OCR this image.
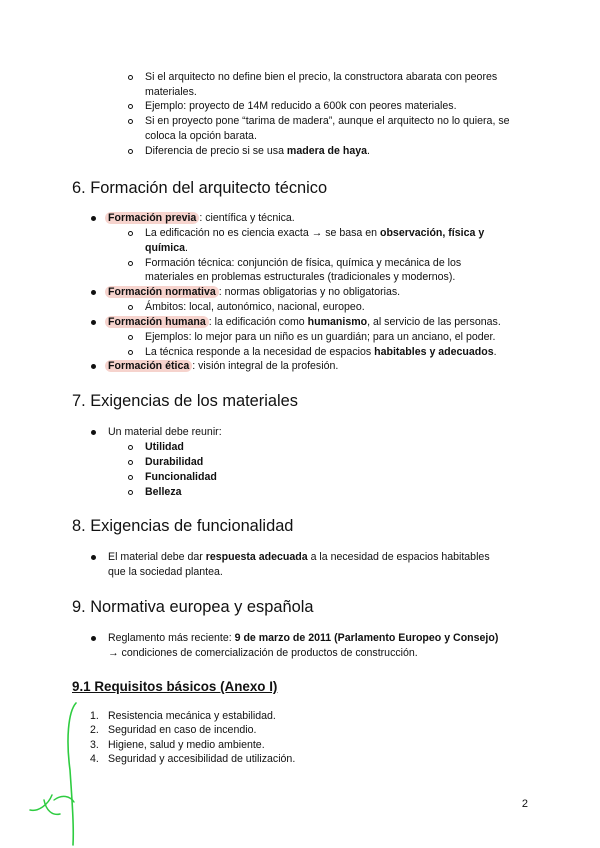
Si el arquitecto no define bien el precio, la constructora abarata con peores
materiales.
Ejemplo: proyecto de 14M reducido a 600k con peores materiales.
Si en proyecto pone “tarima de madera”, aunque el arquitecto no lo quiera, se
coloca la opción barata.
Diferencia de precio si se usa madera de haya.
6. Formación del arquitecto técnico
Formación previa : científica y técnica.
La edificación no es ciencia exacta → se basa en observación, física y
química.
Formación técnica: conjunción de física, química y mecánica de los
materiales en problemas estructurales (tradicionales y modernos).
Formación normativa : normas obligatorias y no obligatorias.
Ámbitos: local, autonómico, nacional, europeo.
Formación humana : la edificación como humanismo, al servicio de las personas.
Ejemplos: lo mejor para un niño es un guardián; para un anciano, el poder.
La técnica responde a la necesidad de espacios habitables y adecuados.
Formación ética : visión integral de la profesión.
7. Exigencias de los materiales
Un material debe reunir:
Utilidad
Durabilidad
Funcionalidad
Belleza
8. Exigencias de funcionalidad
El material debe dar respuesta adecuada a la necesidad de espacios habitables
que la sociedad plantea.
9. Normativa europea y española
Reglamento más reciente: 9 de marzo de 2011 (Parlamento Europeo y Consejo)
→ condiciones de comercialización de productos de construcción.
9.1 Requisitos básicos (Anexo I)
1. Resistencia mecánica y estabilidad.
2. Seguridad en caso de incendio.
3. Higiene, salud y medio ambiente.
4. Seguridad y accesibilidad de utilización.
2
